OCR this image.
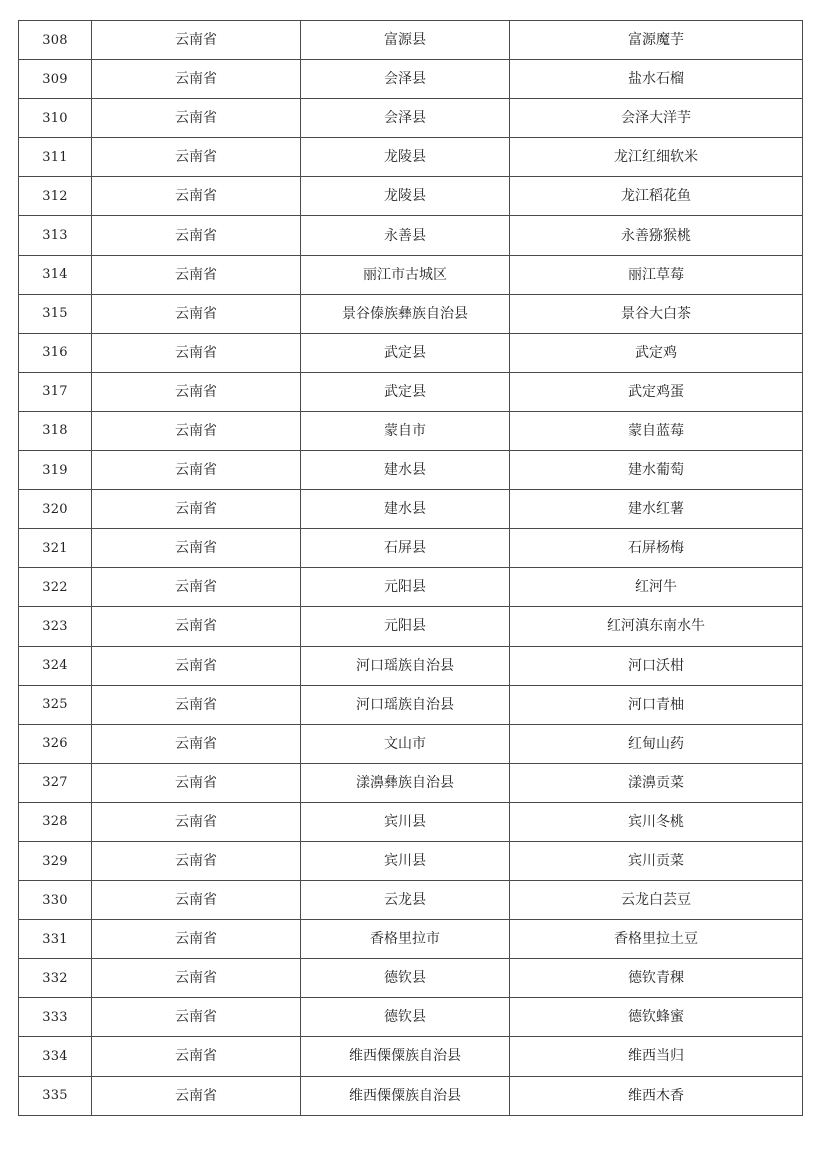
308	云南省	富源县	富源魔芋
309	云南省	会泽县	盐水石榴
310	云南省	会泽县	会泽大洋芋
311	云南省	龙陵县	龙江红细软米
312	云南省	龙陵县	龙江稻花鱼
313	云南省	永善县	永善猕猴桃
314	云南省	丽江市古城区	丽江草莓
315	云南省	景谷傣族彝族自治县	景谷大白茶
316	云南省	武定县	武定鸡
317	云南省	武定县	武定鸡蛋
318	云南省	蒙自市	蒙自蓝莓
319	云南省	建水县	建水葡萄
320	云南省	建水县	建水红薯
321	云南省	石屏县	石屏杨梅
322	云南省	元阳县	红河牛
323	云南省	元阳县	红河滇东南水牛
324	云南省	河口瑶族自治县	河口沃柑
325	云南省	河口瑶族自治县	河口青柚
326	云南省	文山市	红甸山药
327	云南省	漾濞彝族自治县	漾濞贡菜
328	云南省	宾川县	宾川冬桃
329	云南省	宾川县	宾川贡菜
330	云南省	云龙县	云龙白芸豆
331	云南省	香格里拉市	香格里拉土豆
332	云南省	德钦县	德钦青稞
333	云南省	德钦县	德钦蜂蜜
334	云南省	维西傈僳族自治县	维西当归
335	云南省	维西傈僳族自治县	维西木香
